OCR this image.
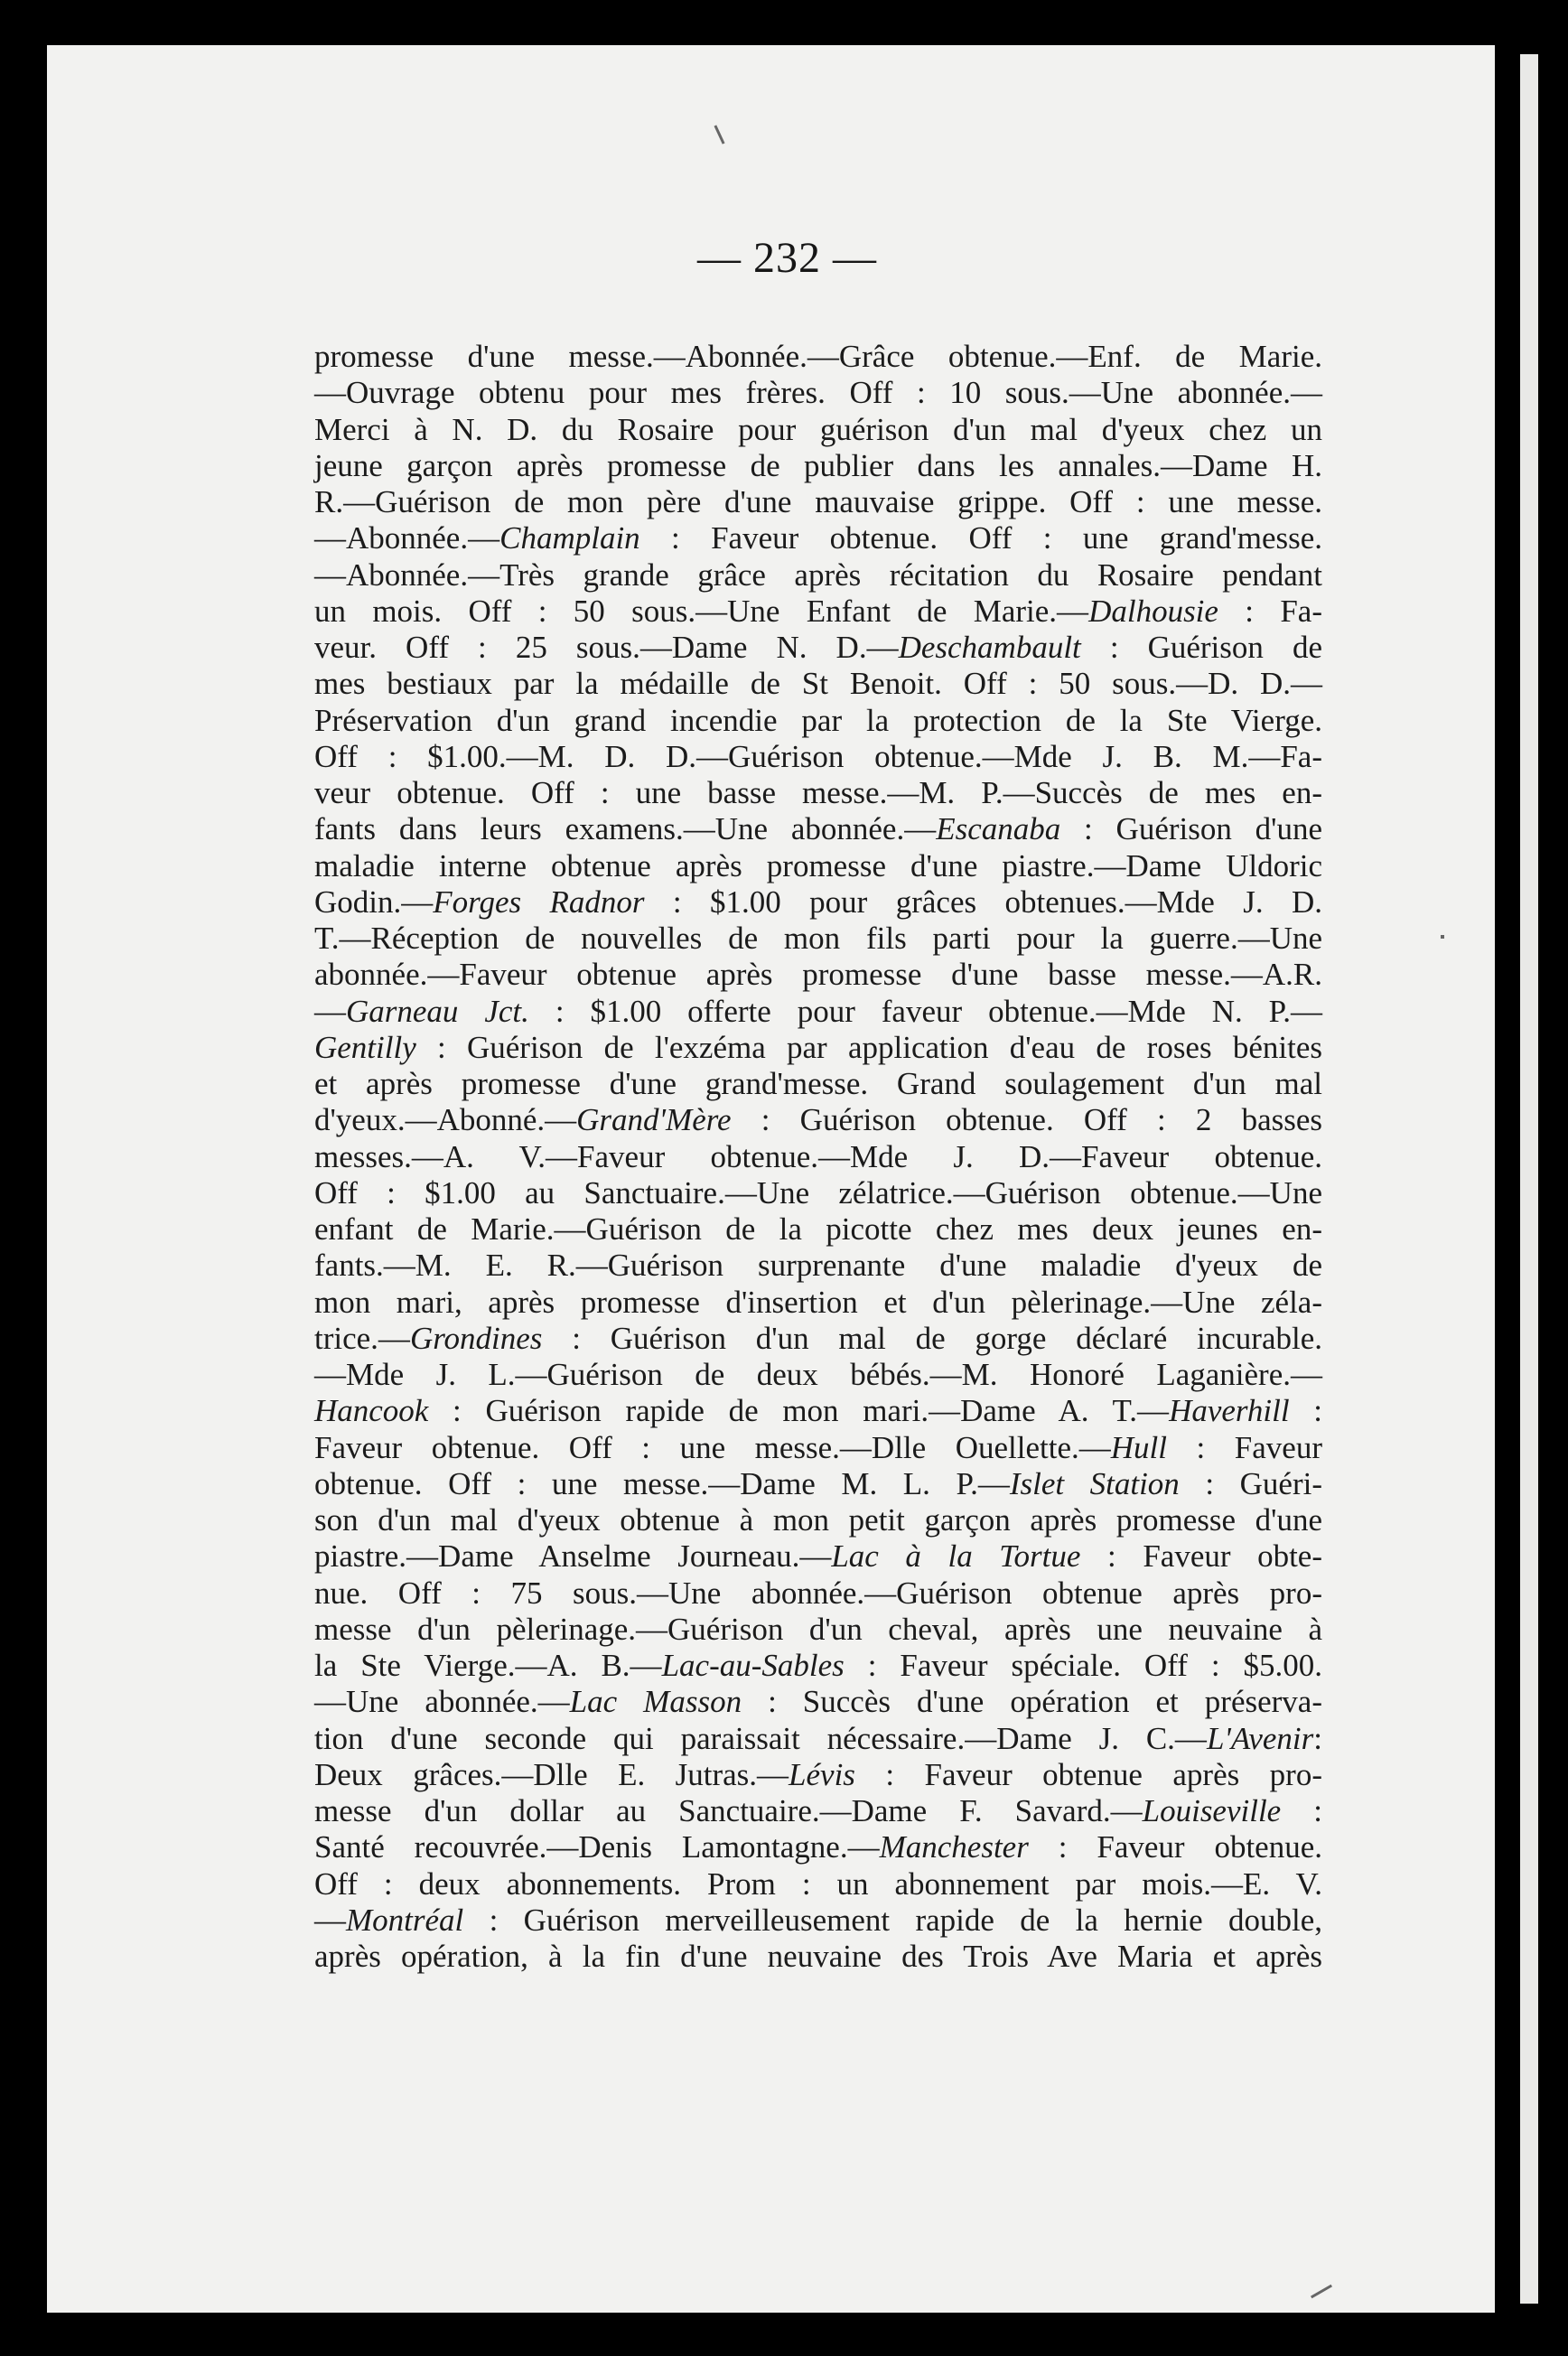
— 232 —
promesse d'une messe.—Abonnée.—Grâce obtenue.—Enf. de Marie.
—Ouvrage obtenu pour mes frères. Off : 10 sous.—Une abonnée.—
Merci à N. D. du Rosaire pour guérison d'un mal d'yeux chez un
jeune garçon après promesse de publier dans les annales.—Dame H.
R.—Guérison de mon père d'une mauvaise grippe. Off : une messe.
—Abonnée.—Champlain : Faveur obtenue. Off : une grand'messe.
—Abonnée.—Très grande grâce après récitation du Rosaire pendant
un mois. Off : 50 sous.—Une Enfant de Marie.—Dalhousie : Fa-
veur. Off : 25 sous.—Dame N. D.—Deschambault : Guérison de
mes bestiaux par la médaille de St Benoit. Off : 50 sous.—D. D.—
Préservation d'un grand incendie par la protection de la Ste Vierge.
Off : $1.00.—M. D. D.—Guérison obtenue.—Mde J. B. M.—Fa-
veur obtenue. Off : une basse messe.—M. P.—Succès de mes en-
fants dans leurs examens.—Une abonnée.—Escanaba : Guérison d'une
maladie interne obtenue après promesse d'une piastre.—Dame Uldoric
Godin.—Forges Radnor : $1.00 pour grâces obtenues.—Mde J. D.
T.—Réception de nouvelles de mon fils parti pour la guerre.—Une
abonnée.—Faveur obtenue après promesse d'une basse messe.—A.R.
—Garneau Jct. : $1.00 offerte pour faveur obtenue.—Mde N. P.—
Gentilly : Guérison de l'exzéma par application d'eau de roses bénites
et après promesse d'une grand'messe. Grand soulagement d'un mal
d'yeux.—Abonné.—Grand'Mère : Guérison obtenue. Off : 2 basses
messes.—A. V.—Faveur obtenue.—Mde J. D.—Faveur obtenue.
Off : $1.00 au Sanctuaire.—Une zélatrice.—Guérison obtenue.—Une
enfant de Marie.—Guérison de la picotte chez mes deux jeunes en-
fants.—M. E. R.—Guérison surprenante d'une maladie d'yeux de
mon mari, après promesse d'insertion et d'un pèlerinage.—Une zéla-
trice.—Grondines : Guérison d'un mal de gorge déclaré incurable.
—Mde J. L.—Guérison de deux bébés.—M. Honoré Laganière.—
Hancook : Guérison rapide de mon mari.—Dame A. T.—Haverhill :
Faveur obtenue. Off : une messe.—Dlle Ouellette.—Hull : Faveur
obtenue. Off : une messe.—Dame M. L. P.—Islet Station : Guéri-
son d'un mal d'yeux obtenue à mon petit garçon après promesse d'une
piastre.—Dame Anselme Journeau.—Lac à la Tortue : Faveur obte-
nue. Off : 75 sous.—Une abonnée.—Guérison obtenue après pro-
messe d'un pèlerinage.—Guérison d'un cheval, après une neuvaine à
la Ste Vierge.—A. B.—Lac-au-Sables : Faveur spéciale. Off : $5.00.
—Une abonnée.—Lac Masson : Succès d'une opération et préserva-
tion d'une seconde qui paraissait nécessaire.—Dame J. C.—L'Avenir:
Deux grâces.—Dlle E. Jutras.—Lévis : Faveur obtenue après pro-
messe d'un dollar au Sanctuaire.—Dame F. Savard.—Louiseville :
Santé recouvrée.—Denis Lamontagne.—Manchester : Faveur obtenue.
Off : deux abonnements. Prom : un abonnement par mois.—E. V.
—Montréal : Guérison merveilleusement rapide de la hernie double,
après opération, à la fin d'une neuvaine des Trois Ave Maria et après
